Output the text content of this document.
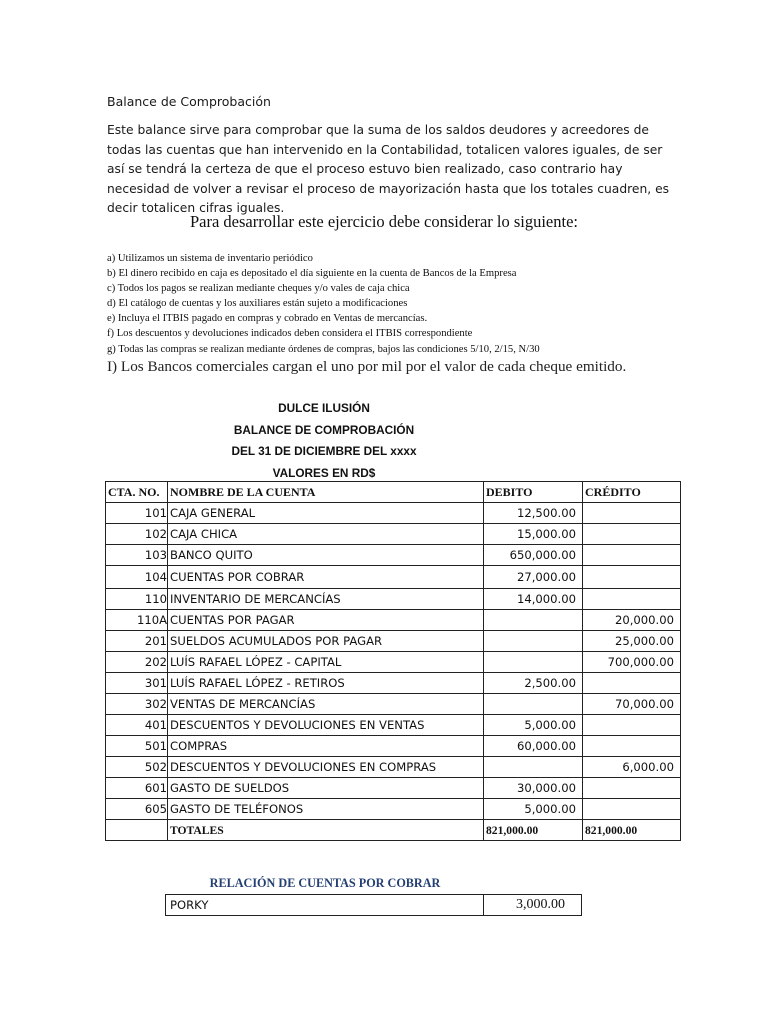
Balance de Comprobación

Este balance sirve para comprobar que la suma de los saldos deudores y acreedores de todas las cuentas que han intervenido en la Contabilidad, totalicen valores iguales, de ser así se tendrá la certeza de que el proceso estuvo bien realizado, caso contrario hay necesidad de volver a revisar el proceso de mayorización hasta que los totales cuadren, es decir totalicen cifras iguales.

Para desarrollar este ejercicio debe considerar lo siguiente:
a) Utilizamos un sistema de inventario periódico
b) El dinero recibido en caja es depositado el día siguiente en la cuenta de Bancos de la Empresa
c) Todos los pagos se realizan mediante cheques y/o vales de caja chica
d) El catálogo de cuentas y los auxiliares están sujeto a modificaciones
e) Incluya el ITBIS pagado en compras y cobrado en Ventas de mercancías.
f) Los descuentos y devoluciones indicados deben considera el ITBIS correspondiente
g) Todas las compras se realizan mediante órdenes de compras, bajos las condiciones 5/10, 2/15, N/30
I) Los Bancos comerciales cargan el uno por mil por el valor de cada cheque emitido.
DULCE ILUSIÓN
BALANCE DE COMPROBACIÓN
DEL 31 DE DICIEMBRE DEL xxxx
VALORES EN RD$
CTA. NO.	NOMBRE DE LA CUENTA	DEBITO	CRÉDITO
101	CAJA GENERAL	12,500.00	
102	CAJA CHICA	15,000.00	
103	BANCO QUITO	650,000.00	
104	CUENTAS POR COBRAR	27,000.00	
110	INVENTARIO DE MERCANCÍAS	14,000.00	
110A	CUENTAS POR PAGAR		20,000.00
201	SUELDOS ACUMULADOS POR PAGAR		25,000.00
202	LUÍS RAFAEL LÓPEZ - CAPITAL		700,000.00
301	LUÍS RAFAEL LÓPEZ - RETIROS	2,500.00	
302	VENTAS DE MERCANCÍAS		70,000.00
401	DESCUENTOS Y DEVOLUCIONES EN VENTAS	5,000.00	
501	COMPRAS	60,000.00	
502	DESCUENTOS Y DEVOLUCIONES EN COMPRAS		6,000.00
601	GASTO DE SUELDOS	30,000.00	
605	GASTO DE TELÉFONOS	5,000.00	
	TOTALES	821,000.00	821,000.00
RELACIÓN DE CUENTAS POR COBRAR
PORKY	3,000.00
